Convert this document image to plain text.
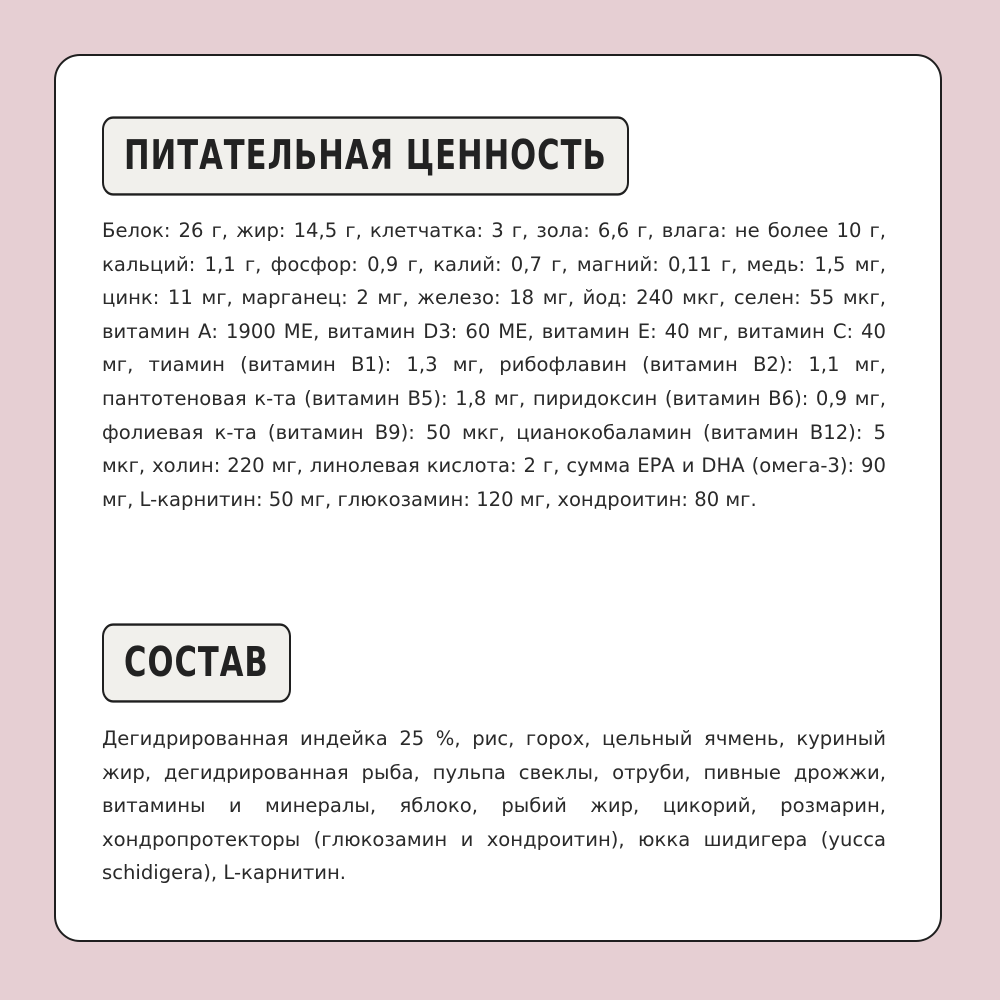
ПИТАТЕЛЬНАЯ ЦЕННОСТЬ

Белок: 26 г, жир: 14,5 г, клетчатка: 3 г, зола: 6,6 г, влага: не более 10 г, кальций: 1,1 г, фосфор: 0,9 г, калий: 0,7 г, магний: 0,11 г, медь: 1,5 мг, цинк: 11 мг, марганец: 2 мг, железо: 18 мг, йод: 240 мкг, селен: 55 мкг, витамин А: 1900 МЕ, витамин D3: 60 МЕ, витамин Е: 40 мг, витамин С: 40 мг, тиамин (витамин В1): 1,3 мг, рибофлавин (витамин В2): 1,1 мг, пантотеновая к-та (витамин В5): 1,8 мг, пиридоксин (витамин В6): 0,9 мг, фолиевая к-та (витамин В9): 50 мкг, цианокобаламин (витамин В12): 5 мкг, холин: 220 мг, линолевая кислота: 2 г, сумма ЕРА и DHA (омега-3): 90 мг, L-карнитин: 50 мг, глюкозамин: 120 мг, хондроитин: 80 мг.

СОСТАВ

Дегидрированная индейка 25 %, рис, горох, цельный ячмень, куриный жир, дегидрированная рыба, пульпа свеклы, отруби, пивные дрожжи, витамины и минералы, яблоко, рыбий жир, цикорий, розмарин, хондропротекторы (глюкозамин и хондроитин), юкка шидигера (yucca schidigera), L-карнитин.
